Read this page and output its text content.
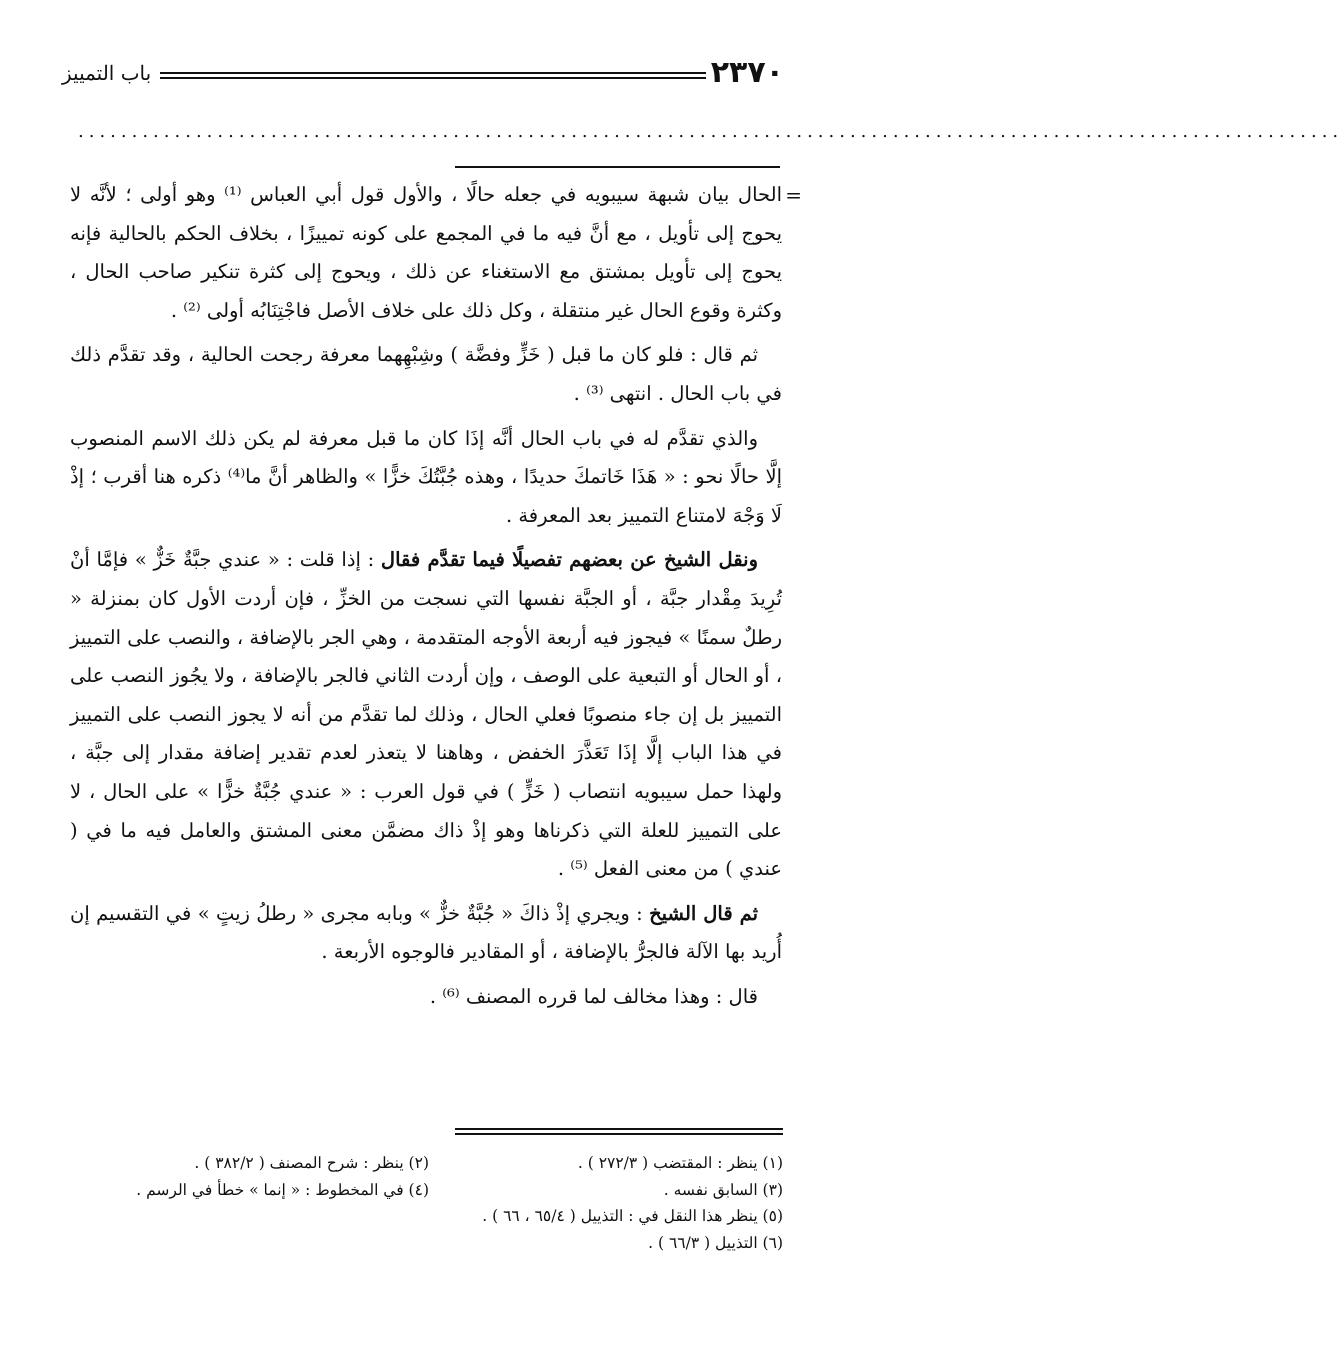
٢٣٧٠
باب التمييز
......................................................................................................................

=
الحال بيان شبهة سيبويه في جعله حالًا ، والأول قول أبي العباس ⁽¹⁾ وهو أولى ؛ لأنَّه لا يحوج إلى تأويل ، مع أنَّ فيه ما في المجمع على كونه تمييزًا ، بخلاف الحكم بالحالية فإنه يحوج إلى تأويل بمشتق مع الاستغناء عن ذلك ، ويحوج إلى كثرة تنكير صاحب الحال ، وكثرة وقوع الحال غير منتقلة ، وكل ذلك على خلاف الأصل فاجْتِنَابُه أولى ⁽²⁾ .

ثم قال : فلو كان ما قبل ( خَزٍّ وفضَّة ) وشِبْهِهما معرفة رجحت الحالية ، وقد تقدَّم ذلك في باب الحال . انتهى ⁽³⁾ .

والذي تقدَّم له في باب الحال أنَّه إذَا كان ما قبل معرفة لم يكن ذلك الاسم المنصوب إلَّا حالًا نحو : « هَذَا خَاتمكَ حديدًا ، وهذه جُبَّتُكَ خزًّا » والظاهر أنَّ ما⁽⁴⁾ ذكره هنا أقرب ؛ إذْ لَا وَجْهَ لامتناع التمييز بعد المعرفة .

ونقل الشيخ عن بعضهم تفصيلًا فيما تقدَّم فقال : إذا قلت : « عندي جبَّةٌ خَزٌّ » فإمَّا أنْ تُرِيدَ مِقْدار جبَّة ، أو الجبَّة نفسها التي نسجت من الخزِّ ، فإن أردت الأول كان بمنزلة « رطلٌ سمنًا » فيجوز فيه أربعة الأوجه المتقدمة ، وهي الجر بالإضافة ، والنصب على التمييز ، أو الحال أو التبعية على الوصف ، وإن أردت الثاني فالجر بالإضافة ، ولا يجُوز النصب على التمييز بل إن جاء منصوبًا فعلي الحال ، وذلك لما تقدَّم من أنه لا يجوز النصب على التمييز في هذا الباب إلَّا إذَا تَعَذَّرَ الخفض ، وهاهنا لا يتعذر لعدم تقدير إضافة مقدار إلى جبَّة ، ولهذا حمل سيبويه انتصاب ( خَزٍّ ) في قول العرب : « عندي جُبَّةٌ خزًّا » على الحال ، لا على التمييز للعلة التي ذكرناها وهو إذْ ذاك مضمَّن معنى المشتق والعامل فيه ما في ( عندي ) من معنى الفعل ⁽⁵⁾ .

ثم قال الشيخ : ويجري إذْ ذاكَ « جُبَّةٌ خزٌّ » وبابه مجرى « رطلُ زيتٍ » في التقسيم إن أُريد بها الآلة فالجرُّ بالإضافة ، أو المقادير فالوجوه الأربعة .

قال : وهذا مخالف لما قرره المصنف ⁽⁶⁾ .

(١) ينظر : المقتضب ( ٢٧٢/٣ ) .
(٢) ينظر : شرح المصنف ( ٣٨٢/٢ ) .
(٣) السابق نفسه .
(٤) في المخطوط : « إنما » خطأ في الرسم .
(٥) ينظر هذا النقل في : التذييل ( ٦٥/٤ ، ٦٦ ) .
(٦) التذييل ( ٦٦/٣ ) .
